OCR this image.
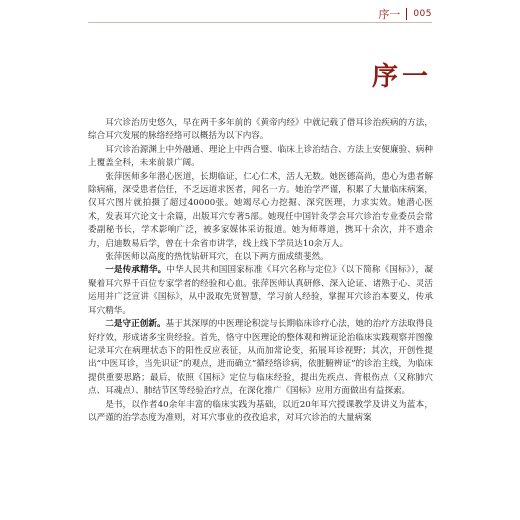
序一 005
序一

耳穴诊治历史悠久，早在两千多年前的《黄帝内经》中就记载了借耳诊治疾病的方法，综合耳穴发展的脉络经络可以概括为以下内容。

耳穴诊治源渊上中外融通、理论上中西合璧、临床上诊治结合、方法上安便廉验、病种上覆盖全科，未来前景广阔。

张萍医师多年潜心医道，长期临证，仁心仁术，活人无数。她医德高尚，患心为患者解除病痛，深受患者信任，不乏远道求医者，闻名一方。她治学严谨，积累了大量临床病案，仅耳穴图片就拍摄了超过40000张。她竭尽心力挖掘、深究医理，力求实效。她潜心医术，发表耳穴论文十余篇，出版耳穴专著5部。她现任中国针灸学会耳穴诊治专业委员会常委副秘书长，学术影响广泛，被多家媒体采访报道。她为师尊道，携耳十余次，并不遗余力，启迪数易后学，曾在十余省市讲学，线上线下学员达10余万人。

张萍医师以高度的热忱钻研耳穴，在以下两方面成绩斐然。

一是传承精华。中华人民共和国国家标准《耳穴名称与定位》（以下简称《国标》），凝聚着耳穴界千百位专家学者的经验和心血。张萍医师认真研修、深入论证、诸熟于心、灵活运用并广泛宣讲《国标》，从中汲取先贤智慧，学习前人经验，掌握耳穴诊治本要义，传承耳穴精华。

二是守正创新。基于其深厚的中医理论积淀与长期临床诊疗心法，她的治疗方法取得良好疗效，形成诸多宝贵经验。首先，恪守中医理论的整体观和辨证论治临床实践观察并图像记录耳穴在病理状态下的阳性反应表征，从而加常论变，拓展耳诊视野；其次，开创性提出“中医耳诊，当先识证”的观点，进而确立“循经络诊病，依脏腑辨证”的诊治主线，为临床提供重要思路；最后，依照《国标》定位与临床经验，提出先疾点、背根伤点（又称肺穴点、耳魂点）、肺结节区等经验治疗点，在深化推广《国标》应用方面做出有益探索。

是书，以作者40余年丰富的临床实践为基础，以近20年耳穴授课教学及讲义为蓝本，以严谨的治学态度为准则，对耳穴事业的孜孜追求，对耳穴诊治的大量病案
